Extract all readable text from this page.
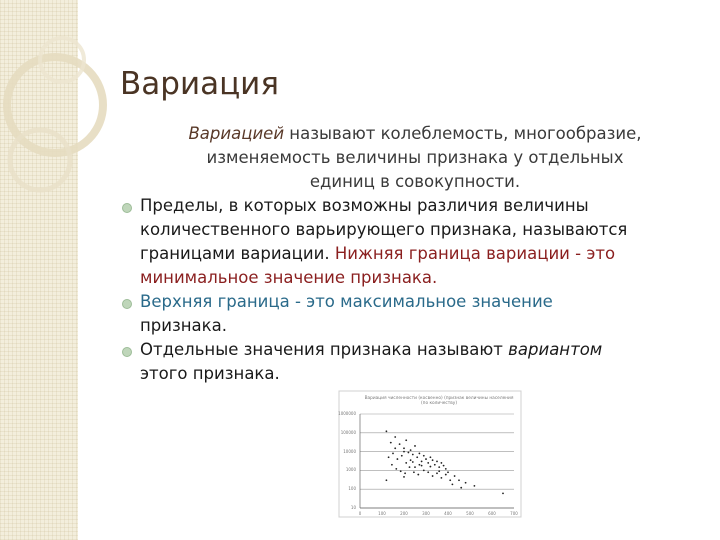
Вариация
Вариацией называют колеблемость, многообразие,
изменяемость величины признака у отдельных
единиц в совокупности.
Пределы, в которых возможны различия величины количественного варьирующего признака, называются границами вариации. Нижняя граница вариации - это минимальное значение признака.
Верхняя граница - это максимальное значение
признака.
Отдельные значения признака называют вариантом
этого признака.
Вариация численности (косвенно) (признак величины населения (по количеству)
1000000
100000
10000
1000
100
10
0	100	200	300	400	500	600	700
